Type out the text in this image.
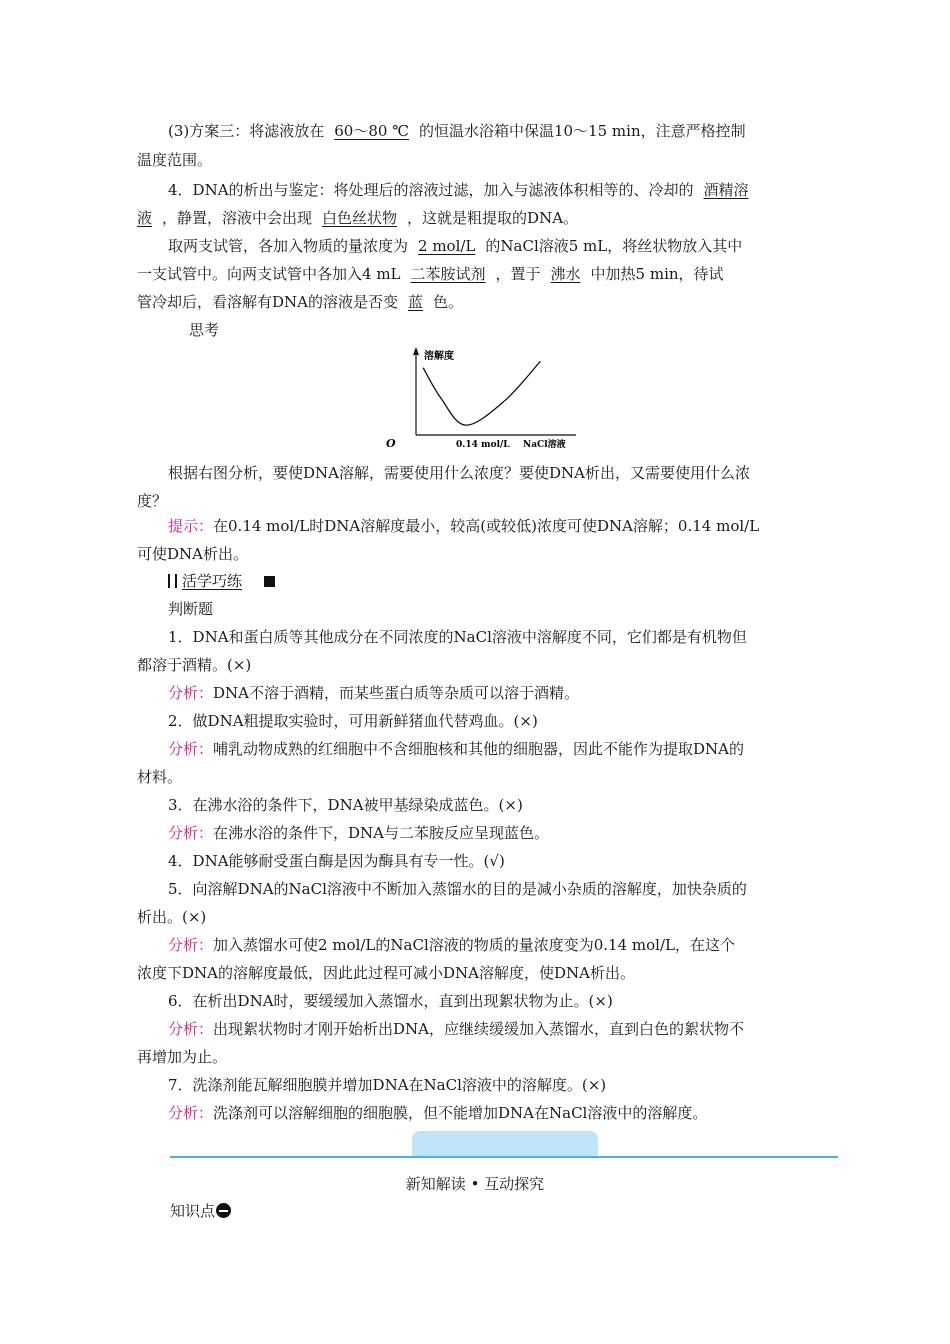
(3)方案三：将滤液放在 60～80 ℃ 的恒温水浴箱中保温10～15 min，注意严格控制
温度范围。
4．DNA的析出与鉴定：将处理后的溶液过滤，加入与滤液体积相等的、冷却的 酒精溶
液 ，静置，溶液中会出现 白色丝状物 ，这就是粗提取的DNA。
取两支试管，各加入物质的量浓度为 2 mol/L 的NaCl溶液5 mL，将丝状物放入其中
一支试管中。向两支试管中各加入4 mL 二苯胺试剂 ，置于 沸水 中加热5 min，待试
管冷却后，看溶解有DNA的溶液是否变 蓝 色。
思考
溶解度
O	0.14 mol/L NaCl溶液
根据右图分析，要使DNA溶解，需要使用什么浓度？要使DNA析出，又需要使用什么浓
度？
提示：在0.14 mol/L时DNA溶解度最小，较高(或较低)浓度可使DNA溶解；0.14 mol/L
可使DNA析出。
活学巧练
判断题
1．DNA和蛋白质等其他成分在不同浓度的NaCl溶液中溶解度不同，它们都是有机物但
都溶于酒精。(×)
分析：DNA不溶于酒精，而某些蛋白质等杂质可以溶于酒精。
2．做DNA粗提取实验时，可用新鲜猪血代替鸡血。(×)
分析：哺乳动物成熟的红细胞中不含细胞核和其他的细胞器，因此不能作为提取DNA的
材料。
3．在沸水浴的条件下，DNA被甲基绿染成蓝色。(×)
分析：在沸水浴的条件下，DNA与二苯胺反应呈现蓝色。
4．DNA能够耐受蛋白酶是因为酶具有专一性。(√)
5．向溶解DNA的NaCl溶液中不断加入蒸馏水的目的是减小杂质的溶解度，加快杂质的
析出。(×)
分析：加入蒸馏水可使2 mol/L的NaCl溶液的物质的量浓度变为0.14 mol/L，在这个
浓度下DNA的溶解度最低，因此此过程可减小DNA溶解度，使DNA析出。
6．在析出DNA时，要缓缓加入蒸馏水，直到出现絮状物为止。(×)
分析：出现絮状物时才刚开始析出DNA，应继续缓缓加入蒸馏水，直到白色的絮状物不
再增加为止。
7．洗涤剂能瓦解细胞膜并增加DNA在NaCl溶液中的溶解度。(×)
分析：洗涤剂可以溶解细胞的细胞膜，但不能增加DNA在NaCl溶液中的溶解度。
新知解读 • 互动探究
知识点
